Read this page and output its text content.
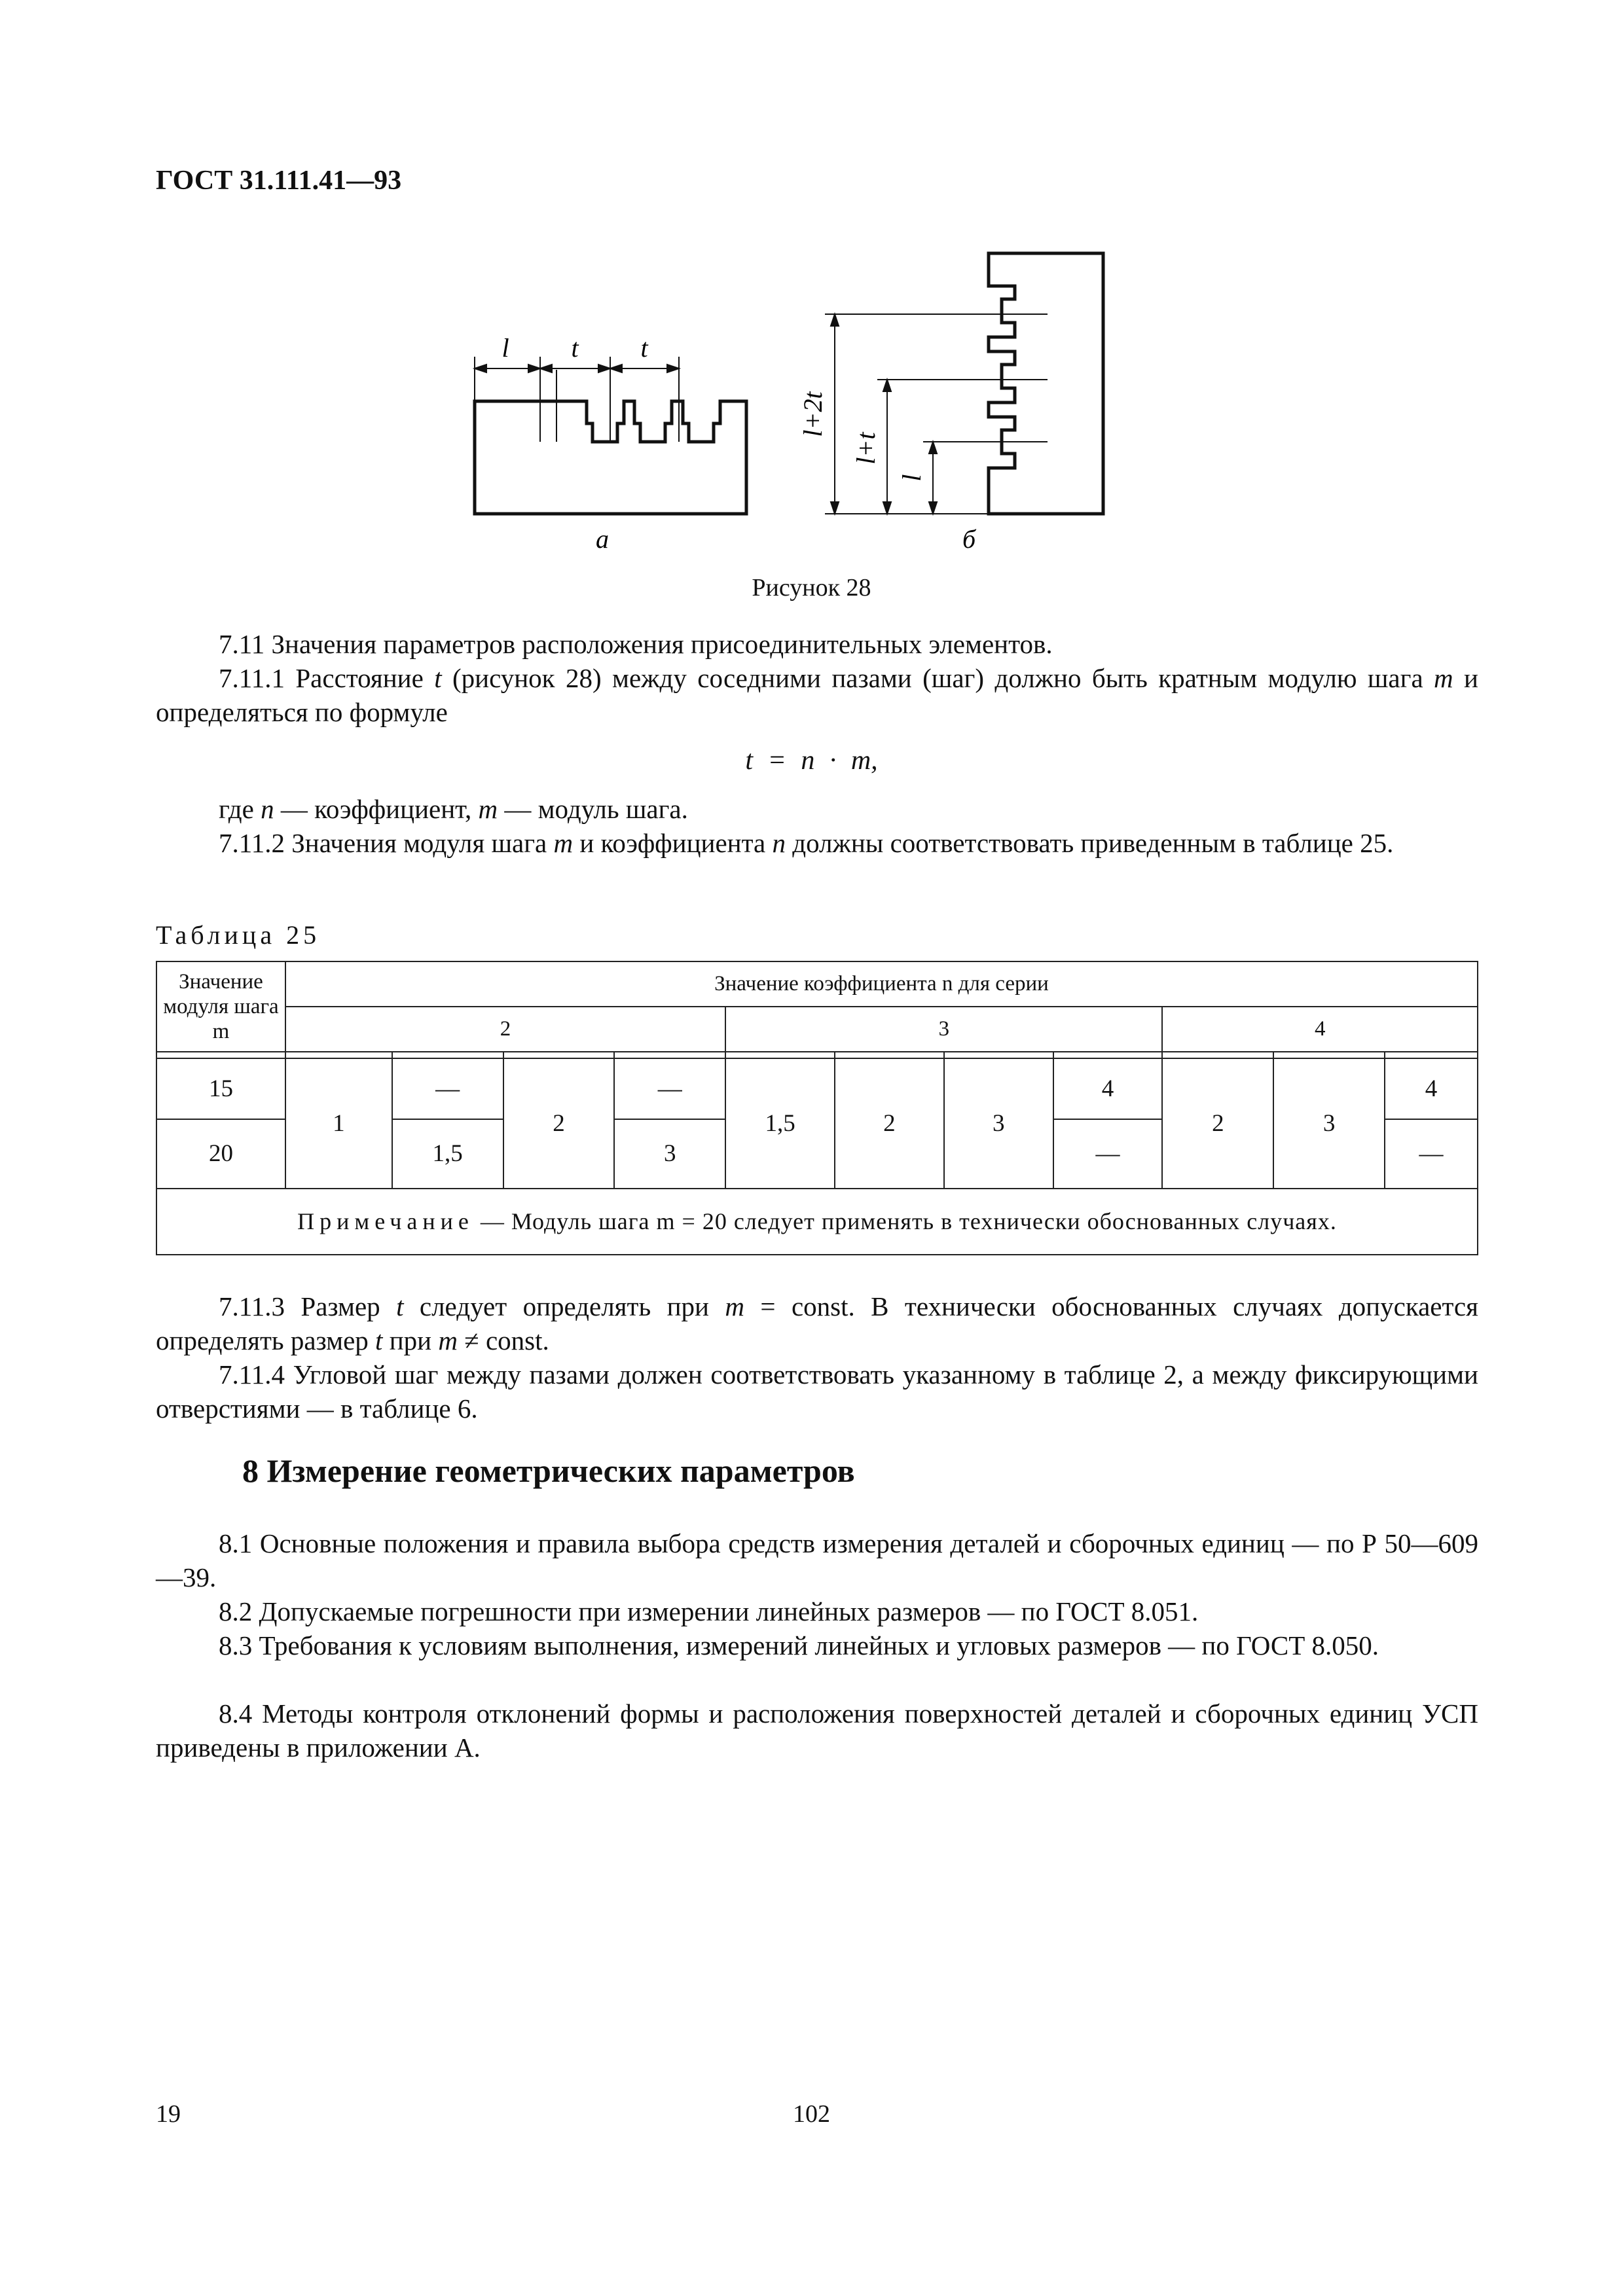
ГОСТ 31.111.41—93
l t t
a
l+2t
l+t
l
б
Рисунок 28
7.11 Значения параметров расположения присоединительных элементов.
7.11.1 Расстояние t (рисунок 28) между соседними пазами (шаг) должно быть кратным модулю шага m и определяться по формуле
t = n · m,
где n — коэффициент, m — модуль шага.
7.11.2 Значения модуля шага m и коэффициента n должны соответствовать приведенным в таблице 25.
Таблица 25
Значение модуля шага m	Значение коэффициента n для серии										
	2				3				4		

15	1	—	2	—	1,5	2	3	4	2	3	4
20		1,5		3				—			—
Примечание — Модуль шага m = 20 следует применять в технически обоснованных случаях.											
7.11.3 Размер t следует определять при m = const. В технически обоснованных случаях допускается определять размер t при m ≠ const.
7.11.4 Угловой шаг между пазами должен соответствовать указанному в таблице 2, а между фиксирующими отверстиями — в таблице 6.
8 Измерение геометрических параметров
8.1 Основные положения и правила выбора средств измерения деталей и сборочных единиц — по Р 50—609—39.
8.2 Допускаемые погрешности при измерении линейных размеров — по ГОСТ 8.051.
8.3 Требования к условиям выполнения, измерений линейных и угловых размеров — по ГОСТ 8.050.
8.4 Методы контроля отклонений формы и расположения поверхностей деталей и сборочных единиц УСП приведены в приложении А.
19	102
